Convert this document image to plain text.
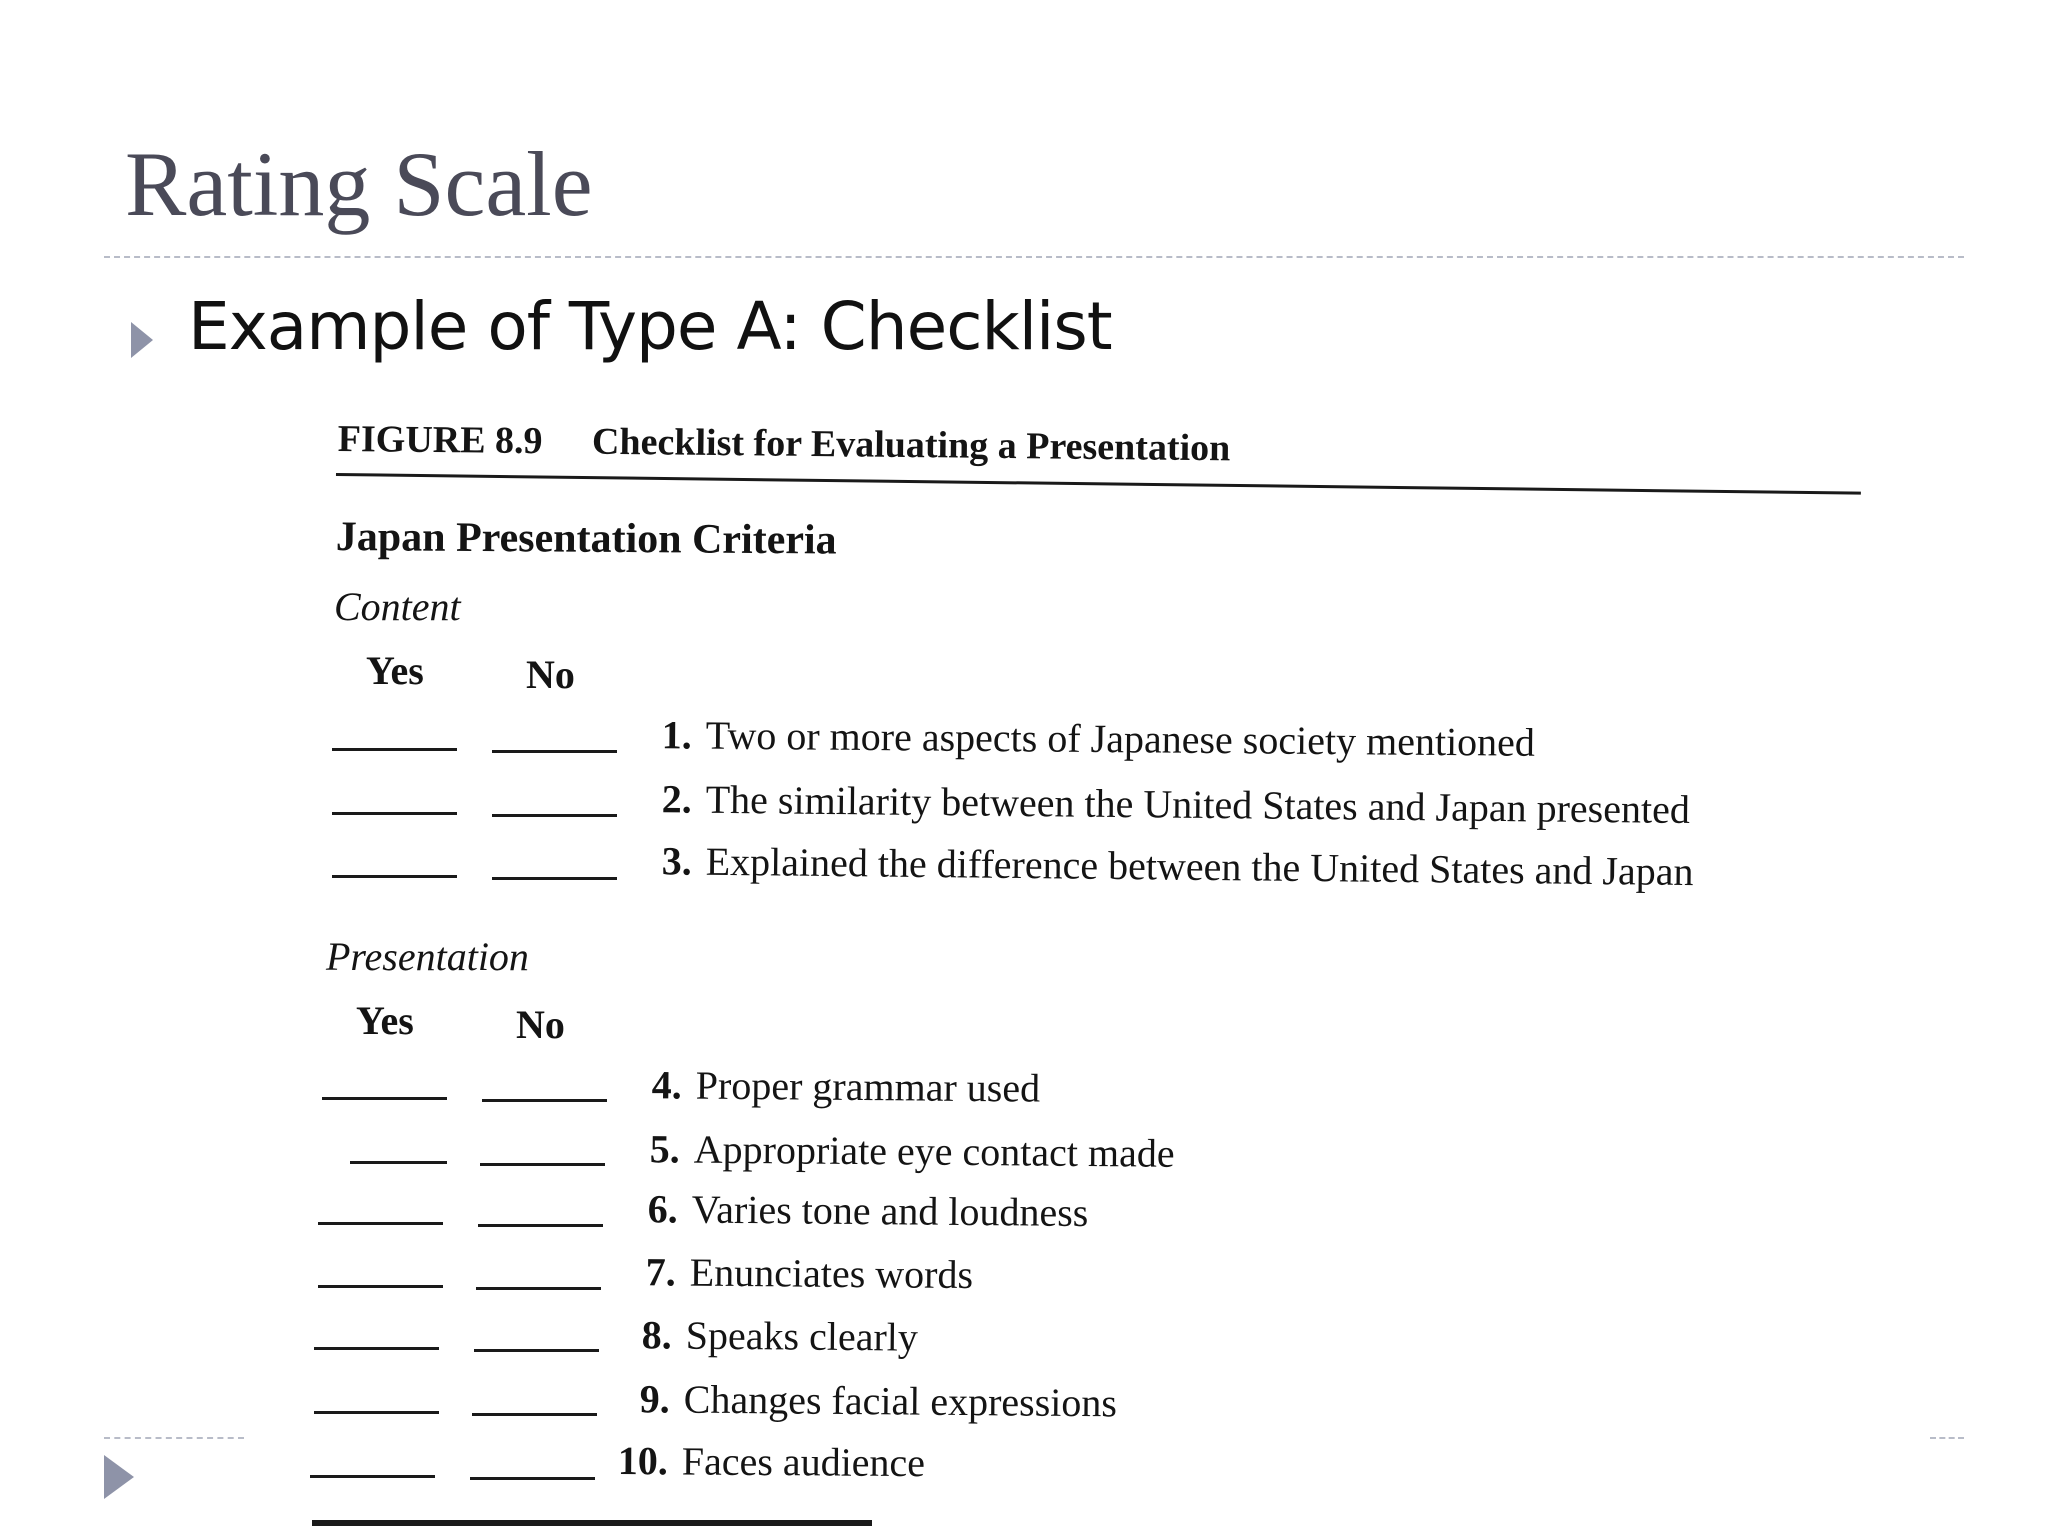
Rating Scale

Example of Type A: Checklist

FIGURE 8.9 Checklist for Evaluating a Presentation
Japan Presentation Criteria
Content
Yes	No
1. Two or more aspects of Japanese society mentioned
2. The similarity between the United States and Japan presented
3. Explained the difference between the United States and Japan
Presentation
Yes	No
4. Proper grammar used
5. Appropriate eye contact made
6. Varies tone and loudness
7. Enunciates words
8. Speaks clearly
9. Changes facial expressions
10. Faces audience
